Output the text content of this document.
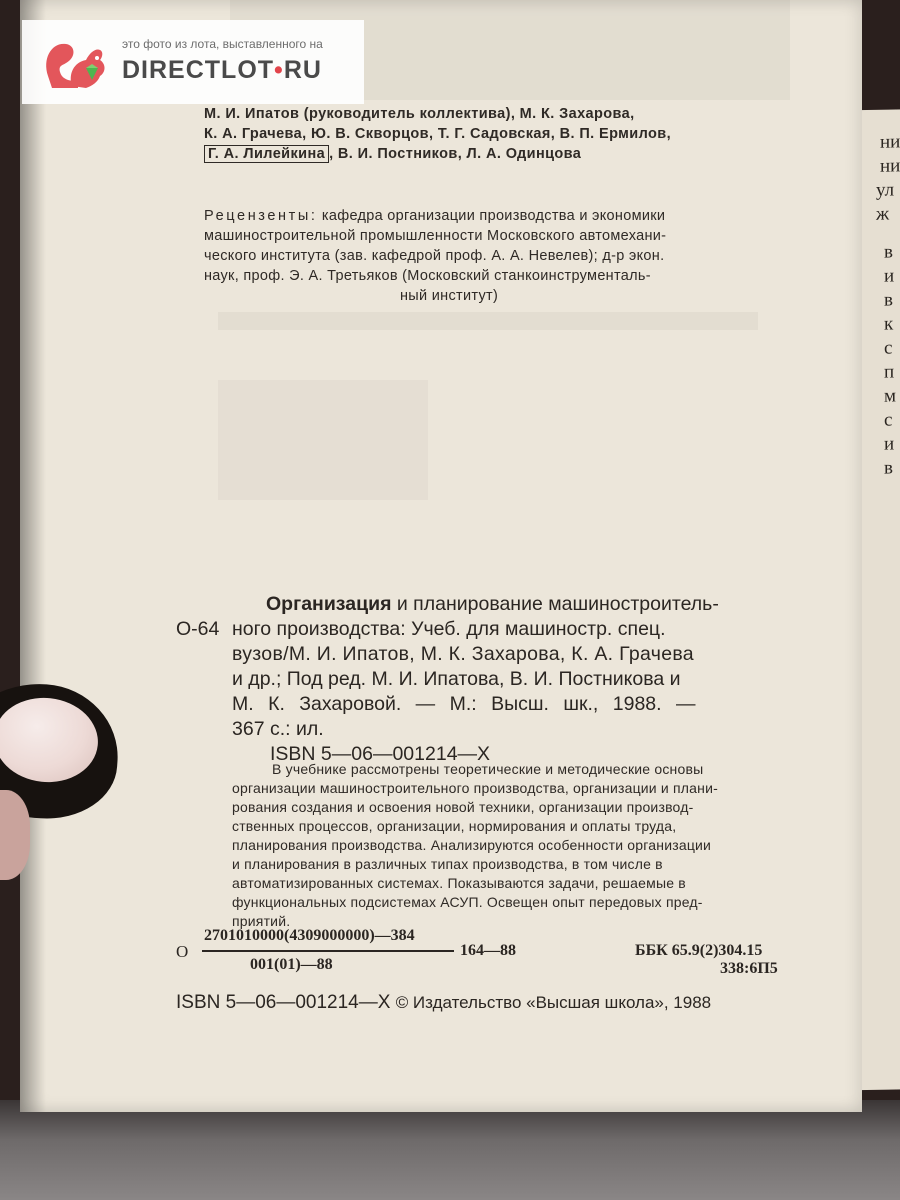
ни
ни
ул
ж
в
и
в
к
с
п
м
с
и
в
это фото из лота, выставленного на
DIRECTLOT•RU
М. И. Ипатов (руководитель коллектива), М. К. Захарова,
К. А. Грачева, Ю. В. Скворцов, Т. Г. Садовская, В. П. Ермилов,
Г. А. Лилейкина , В. И. Постников, Л. А. Одинцова
Рецензенты: кафедра организации производства и экономики
машиностроительной промышленности Московского автомехани-
ческого института (зав. кафедрой проф. А. А. Невелев); д-р экон.
наук, проф. Э. А. Третьяков (Московский станкоинструменталь-
ный институт)
О-64
Организация и планирование машиностроитель-
ного производства: Учеб. для машиностр. спец.
вузов/М. И. Ипатов, М. К. Захарова, К. А. Грачева
и др.; Под ред. М. И. Ипатова, В. И. Постникова и
М. К. Захаровой. — М.: Высш. шк., 1988. —
367 с.: ил.
ISBN 5—06—001214—Х
В учебнике рассмотрены теоретические и методические основы
организации машиностроительного производства, организации и плани-
рования создания и освоения новой техники, организации производ-
ственных процессов, организации, нормирования и оплаты труда,
планирования производства. Анализируются особенности организации
и планирования в различных типах производства, в том числе в
автоматизированных системах. Показываются задачи, решаемые в
функциональных подсистемах АСУП. Освещен опыт передовых пред-
приятий.
О
2701010000(4309000000)—384
001(01)—88
164—88	ББК 65.9(2)304.15
338:6П5
ISBN 5—06—001214—Х © Издательство «Высшая школа», 1988
